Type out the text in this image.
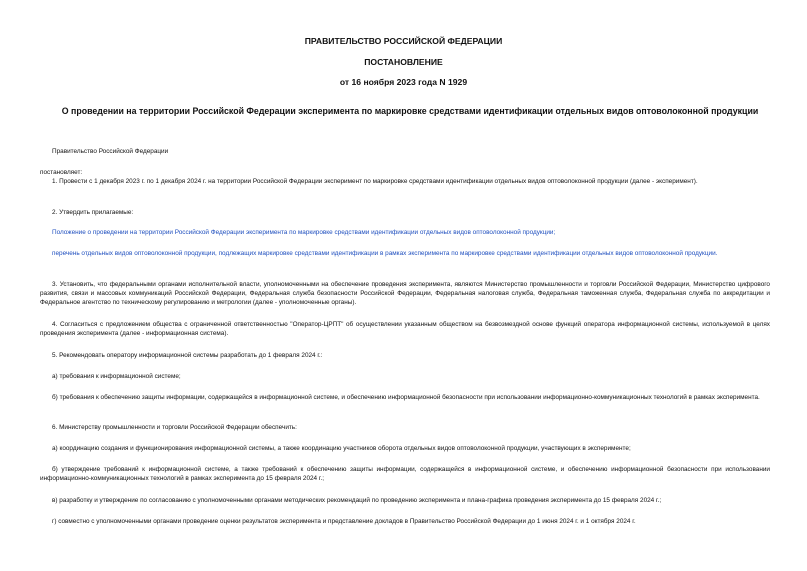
ПРАВИТЕЛЬСТВО РОССИЙСКОЙ ФЕДЕРАЦИИ
ПОСТАНОВЛЕНИЕ
от 16 ноября 2023 года N 1929
О проведении на территории Российской Федерации эксперимента по маркировке средствами идентификации отдельных видов оптоволоконной продукции
Правительство Российской Федерации
постановляет:
1. Провести с 1 декабря 2023 г. по 1 декабря 2024 г. на территории Российской Федерации эксперимент по маркировке средствами идентификации отдельных видов оптоволоконной продукции (далее - эксперимент).
2. Утвердить прилагаемые:
Положение о проведении на территории Российской Федерации эксперимента по маркировке средствами идентификации отдельных видов оптоволоконной продукции;
перечень отдельных видов оптоволоконной продукции, подлежащих маркировке средствами идентификации в рамках эксперимента по маркировке средствами идентификации отдельных видов оптоволоконной продукции.
3. Установить, что федеральными органами исполнительной власти, уполномоченными на обеспечение проведения эксперимента, являются Министерство промышленности и торговли Российской Федерации, Министерство цифрового развития, связи и массовых коммуникаций Российской Федерации, Федеральная служба безопасности Российской Федерации, Федеральная налоговая служба, Федеральная таможенная служба, Федеральная служба по аккредитации и Федеральное агентство по техническому регулированию и метрологии (далее - уполномоченные органы).
4. Согласиться с предложением общества с ограниченной ответственностью "Оператор-ЦРПТ" об осуществлении указанным обществом на безвозмездной основе функций оператора информационной системы, используемой в целях проведения эксперимента (далее - информационная система).
5. Рекомендовать оператору информационной системы разработать до 1 февраля 2024 г.:
а) требования к информационной системе;
б) требования к обеспечению защиты информации, содержащейся в информационной системе, и обеспечению информационной безопасности при использовании информационно-коммуникационных технологий в рамках эксперимента.
6. Министерству промышленности и торговли Российской Федерации обеспечить:
а) координацию создания и функционирования информационной системы, а также координацию участников оборота отдельных видов оптоволоконной продукции, участвующих в эксперименте;
б) утверждение требований к информационной системе, а также требований к обеспечению защиты информации, содержащейся в информационной системе, и обеспечению информационной безопасности при использовании информационно-коммуникационных технологий в рамках эксперимента до 15 февраля 2024 г.;
в) разработку и утверждение по согласованию с уполномоченными органами методических рекомендаций по проведению эксперимента и плана-графика проведения эксперимента до 15 февраля 2024 г.;
г) совместно с уполномоченными органами проведение оценки результатов эксперимента и представление докладов в Правительство Российской Федерации до 1 июня 2024 г. и 1 октября 2024 г.
